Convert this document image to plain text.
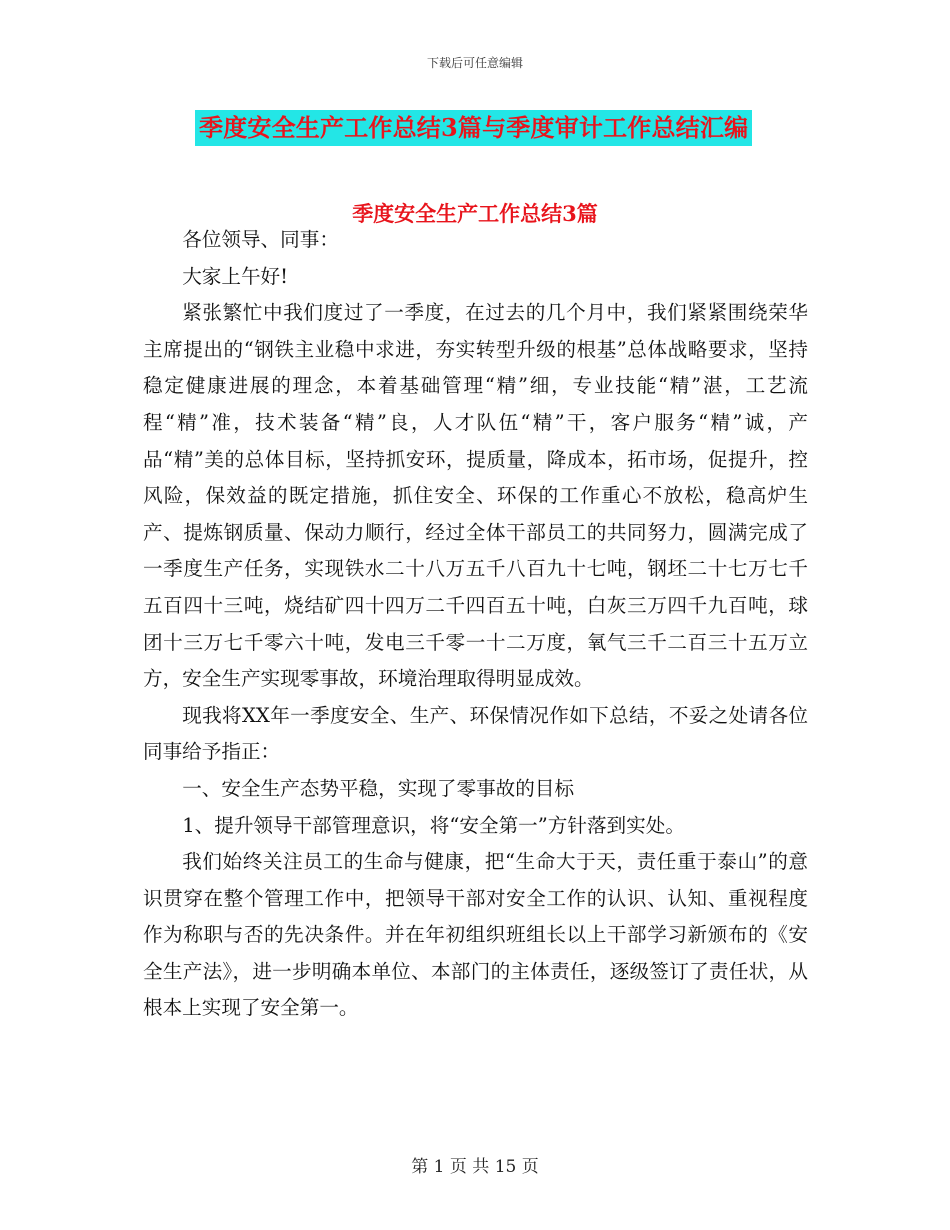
下载后可任意编辑
季度安全生产工作总结3篇与季度审计工作总结汇编
季度安全生产工作总结3篇

各位领导、同事：

大家上午好!

紧张繁忙中我们度过了一季度，在过去的几个月中，我们紧紧围绕荣华主席提出的“钢铁主业稳中求进，夯实转型升级的根基”总体战略要求，坚持稳定健康进展的理念，本着基础管理“精”细，专业技能“精”湛，工艺流程“精”准，技术装备“精”良，人才队伍“精”干，客户服务“精”诚，产品“精”美的总体目标，坚持抓安环，提质量，降成本，拓市场，促提升，控风险，保效益的既定措施，抓住安全、环保的工作重心不放松，稳高炉生产、提炼钢质量、保动力顺行，经过全体干部员工的共同努力，圆满完成了一季度生产任务，实现铁水二十八万五千八百九十七吨，钢坯二十七万七千五百四十三吨，烧结矿四十四万二千四百五十吨，白灰三万四千九百吨，球团十三万七千零六十吨，发电三千零一十二万度，氧气三千二百三十五万立方，安全生产实现零事故，环境治理取得明显成效。

现我将XX年一季度安全、生产、环保情况作如下总结，不妥之处请各位同事给予指正：

一、安全生产态势平稳，实现了零事故的目标

1、提升领导干部管理意识，将“安全第一”方针落到实处。

我们始终关注员工的生命与健康，把“生命大于天，责任重于泰山”的意识贯穿在整个管理工作中，把领导干部对安全工作的认识、认知、重视程度作为称职与否的先决条件。并在年初组织班组长以上干部学习新颁布的《安全生产法》，进一步明确本单位、本部门的主体责任，逐级签订了责任状，从根本上实现了安全第一。

第 1 页 共 15 页
